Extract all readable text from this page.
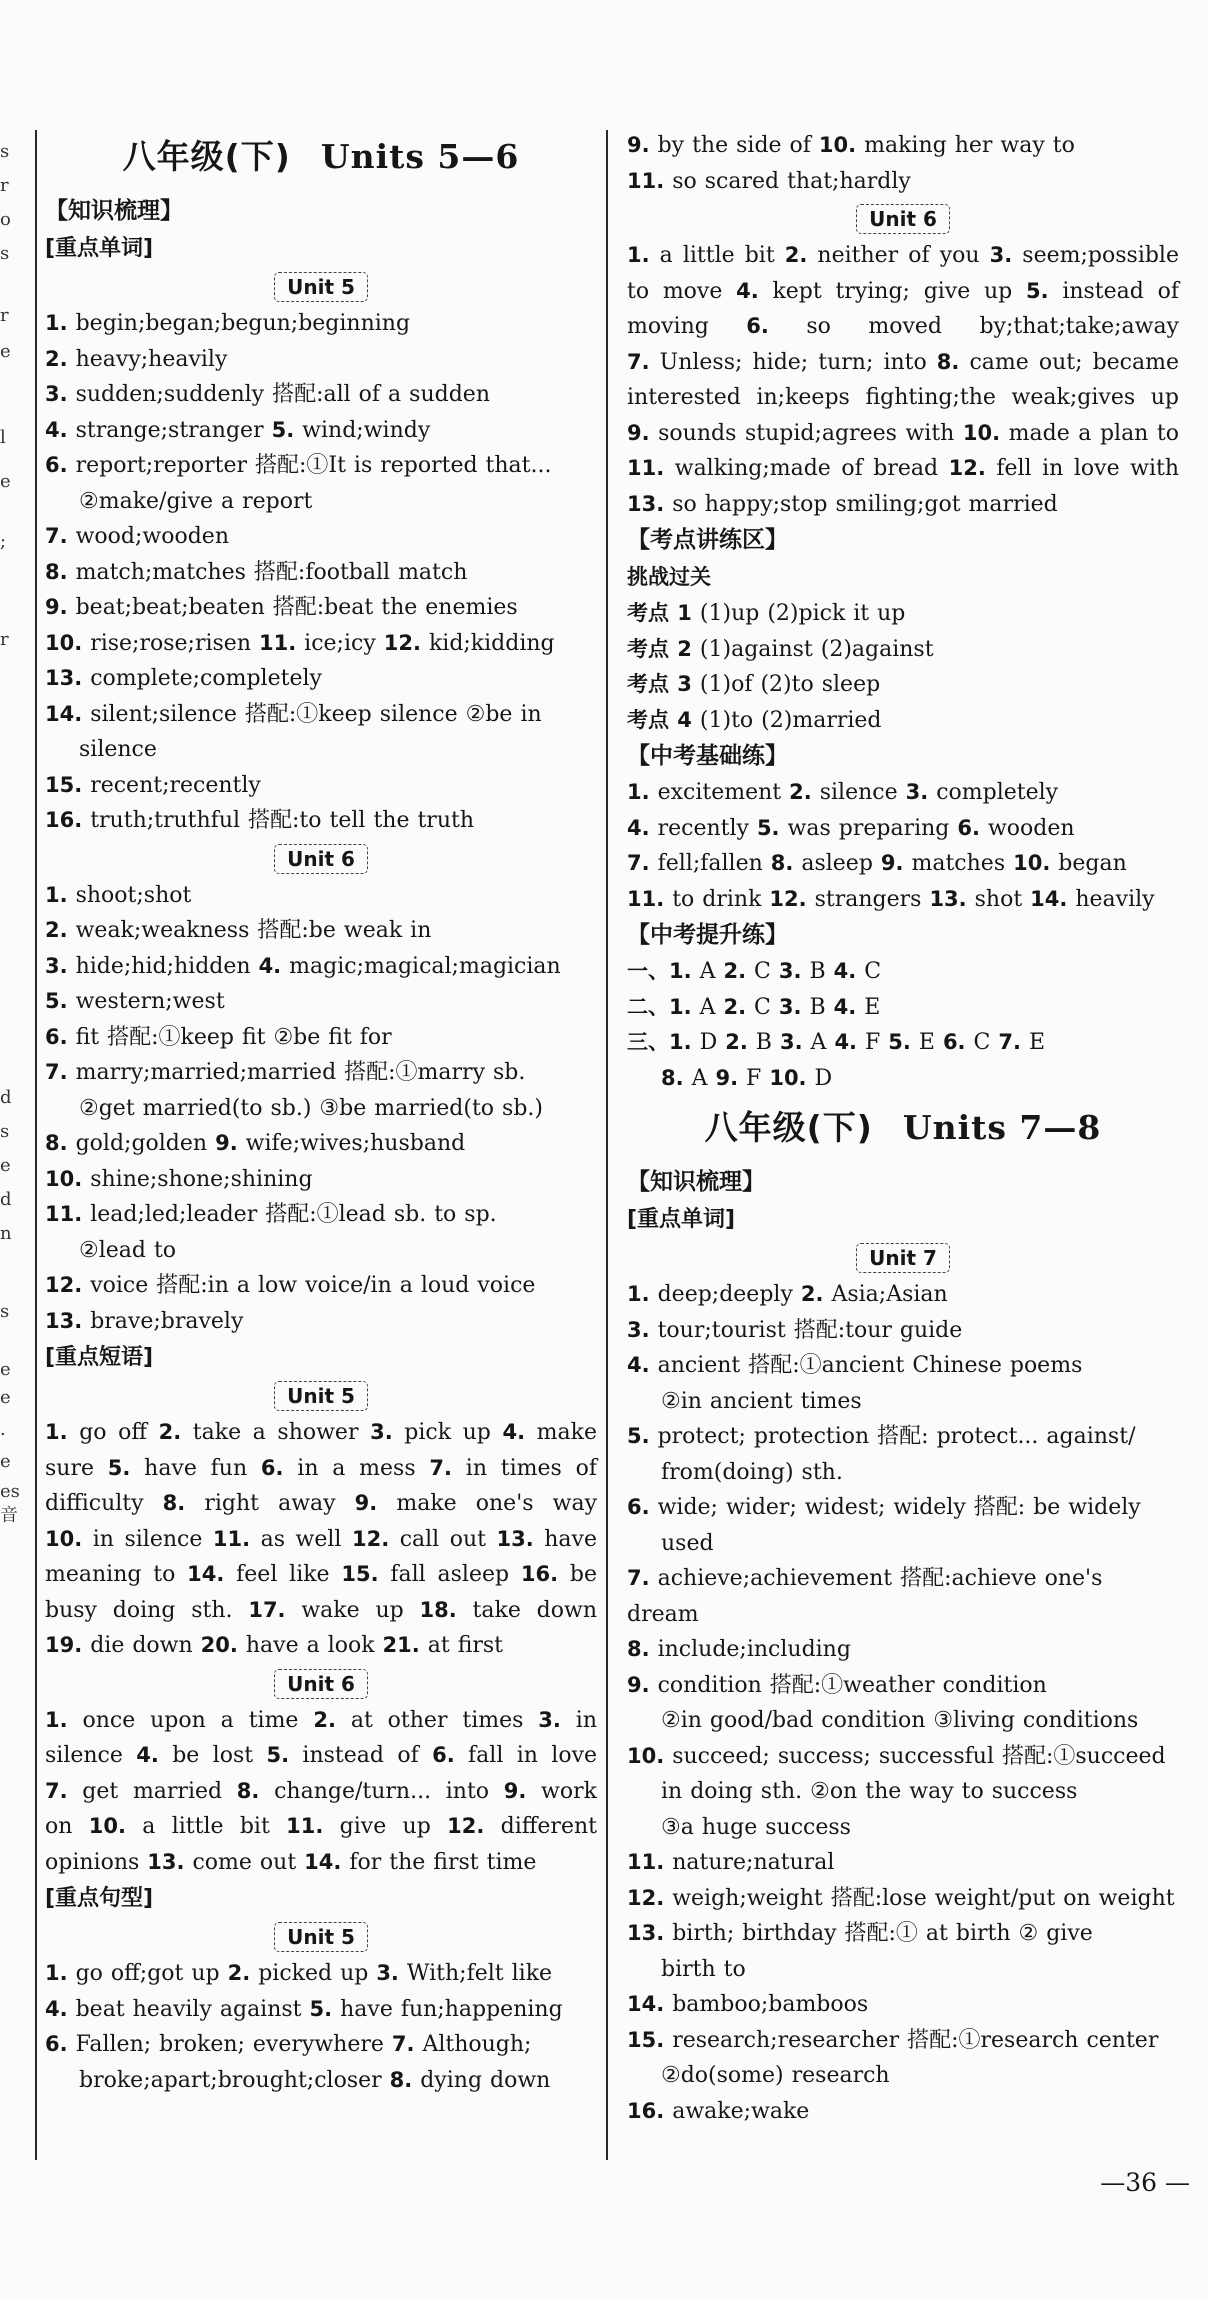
s
r
o
s
r
e
l
e
;
r
d
s
e
d
n
s
e
e
.
e
es
音
八年级(下) Units 5—6
【知识梳理】
[重点单词]
Unit 5
1. begin;began;begun;beginning
2. heavy;heavily
3. sudden;suddenly 搭配:all of a sudden
4. strange;stranger 5. wind;windy
6. report;reporter 搭配:①It is reported that...
②make/give a report
7. wood;wooden
8. match;matches 搭配:football match
9. beat;beat;beaten 搭配:beat the enemies
10. rise;rose;risen 11. ice;icy 12. kid;kidding
13. complete;completely
14. silent;silence 搭配:①keep silence ②be in
silence
15. recent;recently
16. truth;truthful 搭配:to tell the truth
Unit 6
1. shoot;shot
2. weak;weakness 搭配:be weak in
3. hide;hid;hidden 4. magic;magical;magician
5. western;west
6. fit 搭配:①keep fit ②be fit for
7. marry;married;married 搭配:①marry sb.
②get married(to sb.) ③be married(to sb.)
8. gold;golden 9. wife;wives;husband
10. shine;shone;shining
11. lead;led;leader 搭配:①lead sb. to sp.
②lead to
12. voice 搭配:in a low voice/in a loud voice
13. brave;bravely
[重点短语]
Unit 5
1. go off 2. take a shower 3. pick up 4. make
sure 5. have fun 6. in a mess 7. in times of
difficulty 8. right away 9. make one's way
10. in silence 11. as well 12. call out 13. have
meaning to 14. feel like 15. fall asleep 16. be
busy doing sth. 17. wake up 18. take down
19. die down 20. have a look 21. at first
Unit 6
1. once upon a time 2. at other times 3. in
silence 4. be lost 5. instead of 6. fall in love
7. get married 8. change/turn... into 9. work
on 10. a little bit 11. give up 12. different
opinions 13. come out 14. for the first time
[重点句型]
Unit 5
1. go off;got up 2. picked up 3. With;felt like
4. beat heavily against 5. have fun;happening
6. Fallen; broken; everywhere 7. Although;
broke;apart;brought;closer 8. dying down
9. by the side of 10. making her way to
11. so scared that;hardly
Unit 6
1. a little bit 2. neither of you 3. seem;possible
to move 4. kept trying; give up 5. instead of
moving 6. so moved by;that;take;away
7. Unless; hide; turn; into 8. came out; became
interested in;keeps fighting;the weak;gives up
9. sounds stupid;agrees with 10. made a plan to
11. walking;made of bread 12. fell in love with
13. so happy;stop smiling;got married
【考点讲练区】
挑战过关
考点 1 (1)up (2)pick it up
考点 2 (1)against (2)against
考点 3 (1)of (2)to sleep
考点 4 (1)to (2)married
【中考基础练】
1. excitement 2. silence 3. completely
4. recently 5. was preparing 6. wooden
7. fell;fallen 8. asleep 9. matches 10. began
11. to drink 12. strangers 13. shot 14. heavily
【中考提升练】
一、1. A 2. C 3. B 4. C
二、1. A 2. C 3. B 4. E
三、1. D 2. B 3. A 4. F 5. E 6. C 7. E
8. A 9. F 10. D
八年级(下) Units 7—8
【知识梳理】
[重点单词]
Unit 7
1. deep;deeply 2. Asia;Asian
3. tour;tourist 搭配:tour guide
4. ancient 搭配:①ancient Chinese poems
②in ancient times
5. protect; protection 搭配: protect... against/
from(doing) sth.
6. wide; wider; widest; widely 搭配: be widely
used
7. achieve;achievement 搭配:achieve one's dream
8. include;including
9. condition 搭配:①weather condition
②in good/bad condition ③living conditions
10. succeed; success; successful 搭配:①succeed
in doing sth. ②on the way to success
③a huge success
11. nature;natural
12. weigh;weight 搭配:lose weight/put on weight
13. birth; birthday 搭配:① at birth ② give
birth to
14. bamboo;bamboos
15. research;researcher 搭配:①research center
②do(some) research
16. awake;wake
— 36 —
